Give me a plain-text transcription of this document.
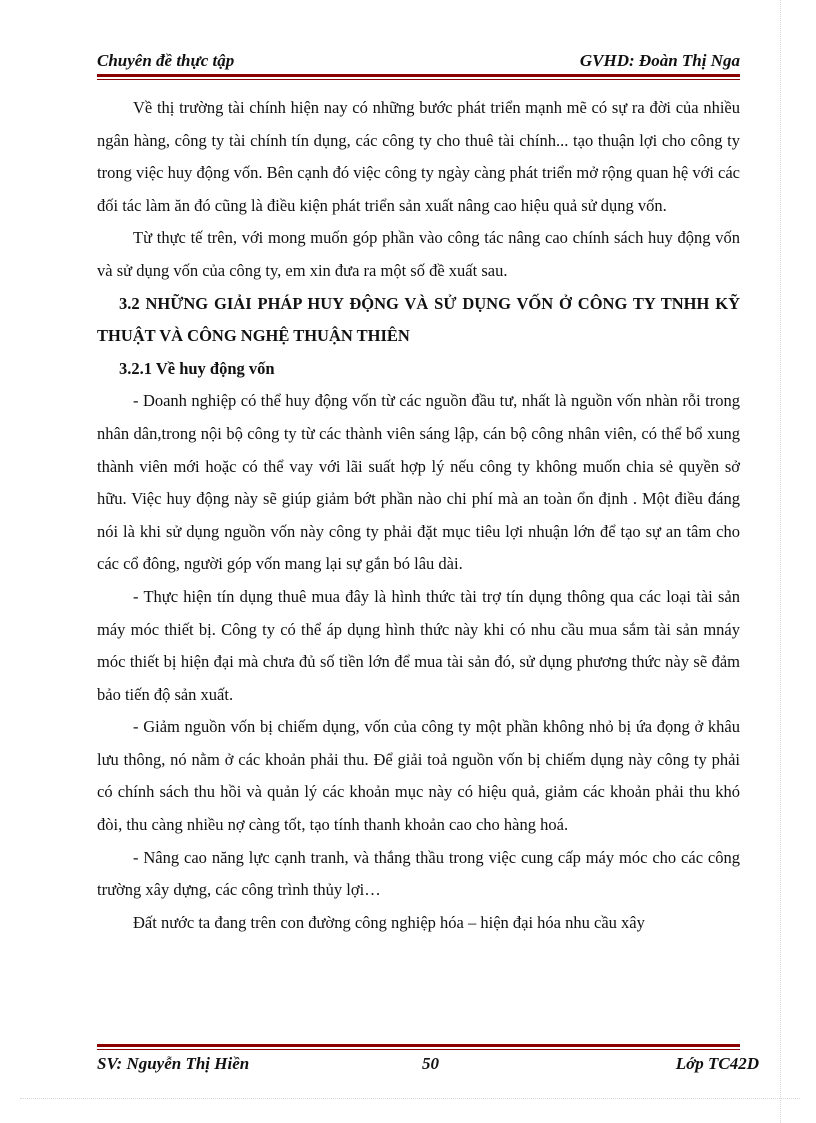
Chuyên đề thực tập	GVHD: Đoàn Thị Nga

Về thị trường tài chính hiện nay có những bước phát triển mạnh mẽ có sự ra đời của nhiều ngân hàng, công ty tài chính tín dụng, các công ty cho thuê tài chính... tạo thuận lợi cho công ty trong việc huy động vốn. Bên cạnh đó việc công ty ngày càng phát triển mở rộng quan hệ với các đối tác làm ăn đó cũng là điều kiện phát triển sản xuất nâng cao hiệu quả sử dụng vốn.

Từ thực tế trên, với mong muốn góp phần vào công tác nâng cao chính sách huy động vốn và sử dụng vốn của công ty, em xin đưa ra một số đề xuất sau.

3.2 NHỮNG GIẢI PHÁP HUY ĐỘNG VÀ SỬ DỤNG VỐN Ở CÔNG TY TNHH KỸ THUẬT VÀ CÔNG NGHỆ THUẬN THIÊN
3.2.1 Về huy động vốn

- Doanh nghiệp có thể huy động vốn từ các nguồn đầu tư, nhất là nguồn vốn nhàn rỗi trong nhân dân,trong nội bộ công ty từ các thành viên sáng lập, cán bộ công nhân viên, có thể bổ xung thành viên mới hoặc có thể vay với lãi suất hợp lý nếu công ty không muốn chia sẻ quyền sở hữu. Việc huy động này sẽ giúp giảm bớt phần nào chi phí mà an toàn ổn định . Một điều đáng nói là khi sử dụng nguồn vốn này công ty phải đặt mục tiêu lợi nhuận lớn để tạo sự an tâm cho các cổ đông, người góp vốn mang lại sự gắn bó lâu dài.

- Thực hiện tín dụng thuê mua đây là hình thức tài trợ tín dụng thông qua các loại tài sản máy móc thiết bị. Công ty có thể áp dụng hình thức này khi có nhu cầu mua sắm tài sản mnáy móc thiết bị hiện đại mà chưa đủ số tiền lớn để mua tài sản đó, sử dụng phương thức này sẽ đảm bảo tiến độ sản xuất.

- Giảm nguồn vốn bị chiếm dụng, vốn của công ty một phần không nhỏ bị ứa đọng ở khâu lưu thông, nó nằm ở các khoản phải thu. Để giải toả nguồn vốn bị chiếm dụng này công ty phải có chính sách thu hồi và quản lý các khoản mục này có hiệu quả, giảm các khoản phải thu khó đòi, thu càng nhiều nợ càng tốt, tạo tính thanh khoản cao cho hàng hoá.

- Nâng cao năng lực cạnh tranh, và thắng thầu trong việc cung cấp máy móc cho các công trường xây dựng, các công trình thủy lợi…

Đất nước ta đang trên con đường công nghiệp hóa – hiện đại hóa nhu cầu xây

SV: Nguyễn Thị Hiền	50	Lớp TC42D
